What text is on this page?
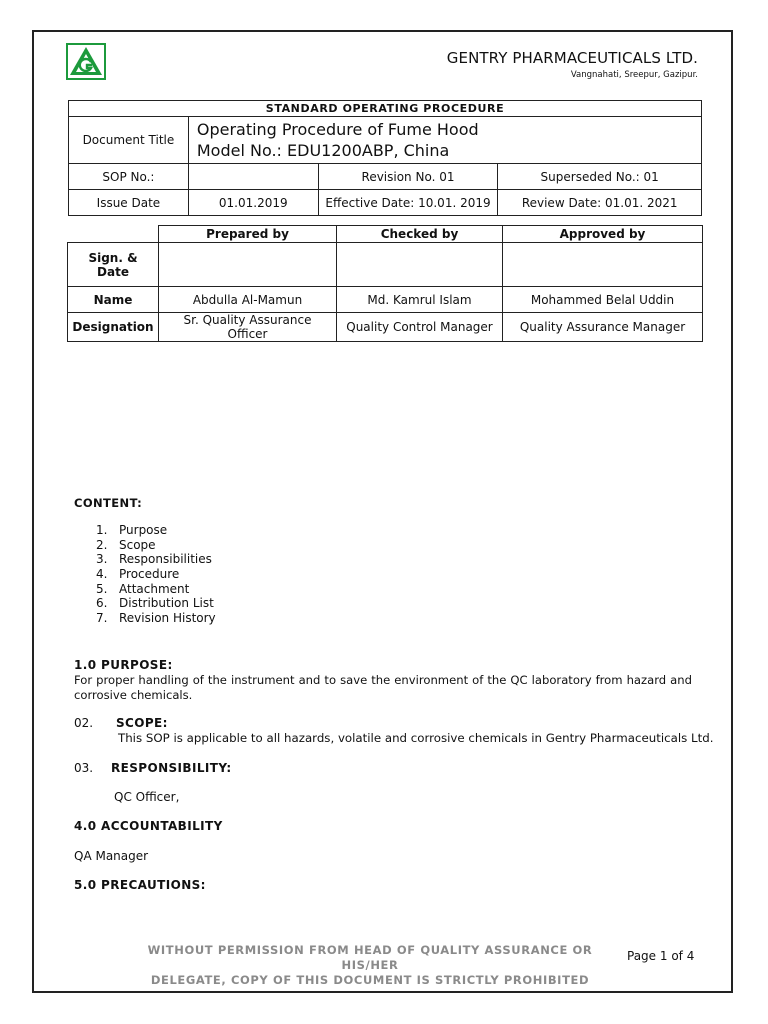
GENTRY PHARMACEUTICALS LTD.
Vangnahati, Sreepur, Gazipur.
STANDARD OPERATING PROCEDURE			
Document Title	Operating Procedure of Fume Hood
Model No.: EDU1200ABP, China		

SOP No.:		Revision No. 01	Superseded No.: 01
Issue Date	01.01.2019	Effective Date: 10.01. 2019	Review Date: 01.01. 2021
	Prepared by	Checked by	Approved by
Sign. & Date			
Name	Abdulla Al-Mamun	Md. Kamrul Islam	Mohammed Belal Uddin
Designation	Sr. Quality Assurance Officer	Quality Control Manager	Quality Assurance Manager
CONTENT:
1. Purpose
2. Scope
3. Responsibilities
4. Procedure
5. Attachment
6. Distribution List
7. Revision History
1.0 PURPOSE:
For proper handling of the instrument and to save the environment of the QC laboratory from hazard and
corrosive chemicals.
02. SCOPE:
This SOP is applicable to all hazards, volatile and corrosive chemicals in Gentry Pharmaceuticals Ltd.
03. RESPONSIBILITY:
QC Officer,
4.0 ACCOUNTABILITY
QA Manager
5.0 PRECAUTIONS:
WITHOUT PERMISSION FROM HEAD OF QUALITY ASSURANCE OR HIS/HER
DELEGATE, COPY OF THIS DOCUMENT IS STRICTLY PROHIBITED
Page 1 of 4
